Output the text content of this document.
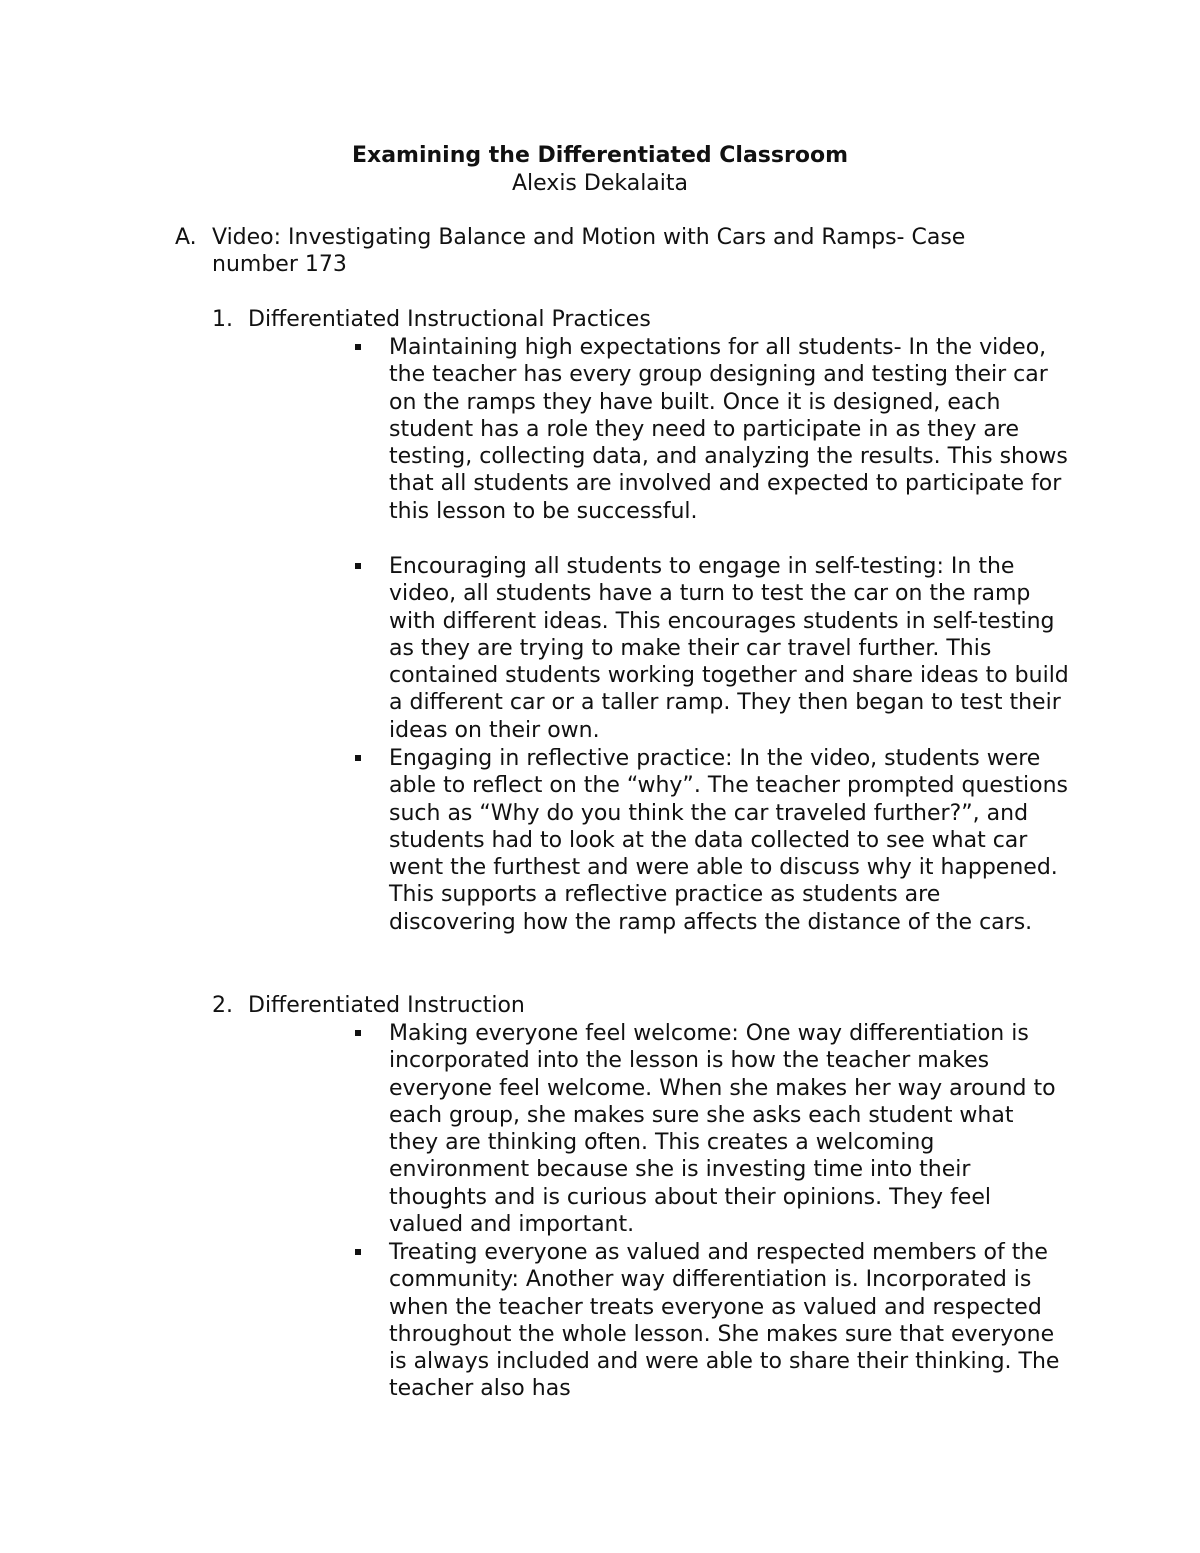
Examining the Differentiated Classroom
Alexis Dekalaita
A. Video: Investigating Balance and Motion with Cars and Ramps- Case number 173
1. Differentiated Instructional Practices
Maintaining high expectations for all students- In the video, the teacher has every group designing and testing their car on the ramps they have built. Once it is designed, each student has a role they need to participate in as they are testing, collecting data, and analyzing the results. This shows that all students are involved and expected to participate for this lesson to be successful.
Encouraging all students to engage in self-testing: In the video, all students have a turn to test the car on the ramp with different ideas. This encourages students in self-testing as they are trying to make their car travel further. This contained students working together and share ideas to build a different car or a taller ramp. They then began to test their ideas on their own.
Engaging in reflective practice: In the video, students were able to reflect on the “why”. The teacher prompted questions such as “Why do you think the car traveled further?”, and students had to look at the data collected to see what car went the furthest and were able to discuss why it happened. This supports a reflective practice as students are discovering how the ramp affects the distance of the cars.
2. Differentiated Instruction
Making everyone feel welcome: One way differentiation is incorporated into the lesson is how the teacher makes everyone feel welcome. When she makes her way around to each group, she makes sure she asks each student what they are thinking often. This creates a welcoming environment because she is investing time into their thoughts and is curious about their opinions. They feel valued and important.
Treating everyone as valued and respected members of the community: Another way differentiation is. Incorporated is when the teacher treats everyone as valued and respected throughout the whole lesson. She makes sure that everyone is always included and were able to share their thinking. The teacher also has
